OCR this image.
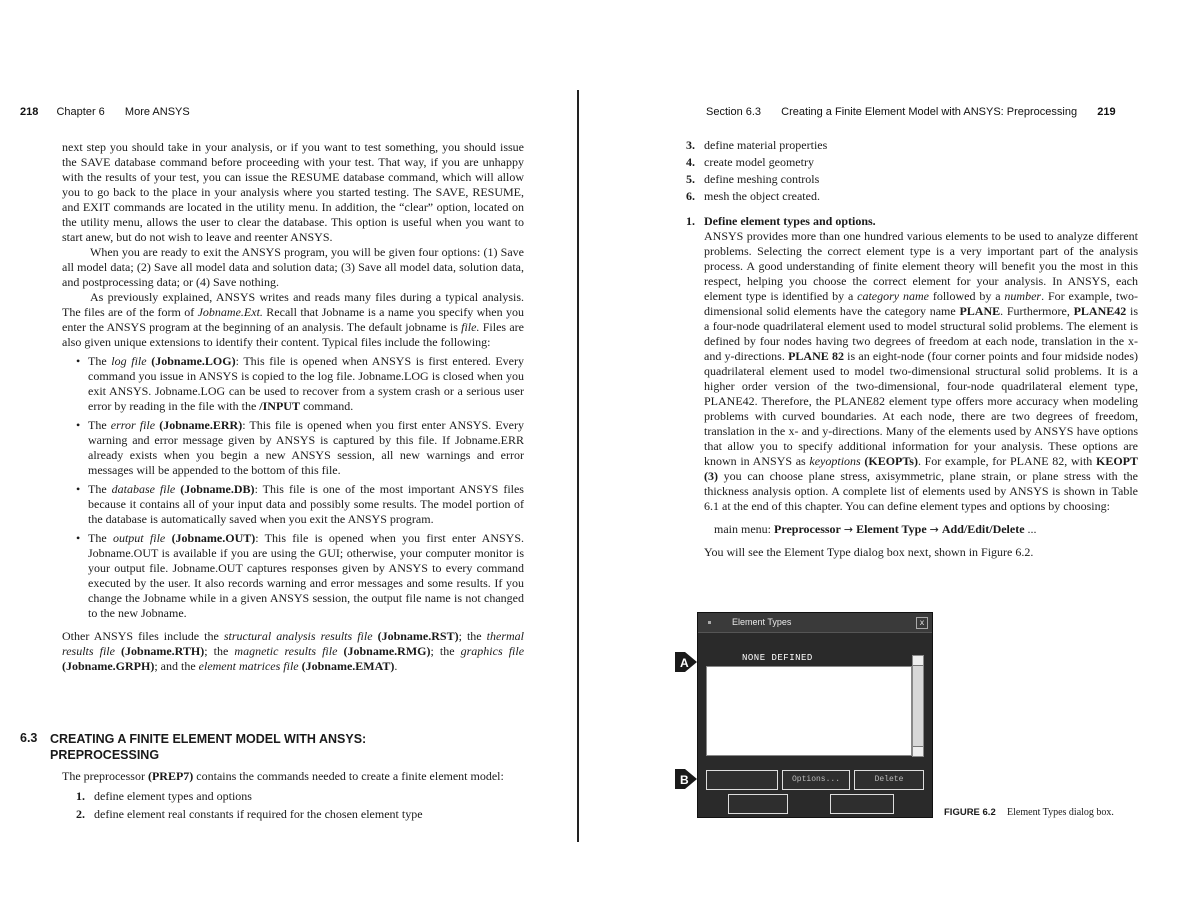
218 Chapter 6 More ANSYS

next step you should take in your analysis, or if you want to test something, you should issue the SAVE database command before proceeding with your test. That way, if you are unhappy with the results of your test, you can issue the RESUME database command, which will allow you to go back to the place in your analysis where you started testing. The SAVE, RESUME, and EXIT commands are located in the utility menu. In addition, the “clear” option, located on the utility menu, allows the user to clear the database. This option is useful when you want to start anew, but do not wish to leave and reenter ANSYS.

When you are ready to exit the ANSYS program, you will be given four options: (1) Save all model data; (2) Save all model data and solution data; (3) Save all model data, solution data, and postprocessing data; or (4) Save nothing.

As previously explained, ANSYS writes and reads many files during a typical analysis. The files are of the form of Jobname.Ext. Recall that Jobname is a name you specify when you enter the ANSYS program at the beginning of an analysis. The default jobname is file. Files are also given unique extensions to identify their content. Typical files include the following:

• The log file (Jobname.LOG): This file is opened when ANSYS is first entered. Every command you issue in ANSYS is copied to the log file. Jobname.LOG is closed when you exit ANSYS. Jobname.LOG can be used to recover from a system crash or a serious user error by reading in the file with the /INPUT command.
• The error file (Jobname.ERR): This file is opened when you first enter ANSYS. Every warning and error message given by ANSYS is captured by this file. If Jobname.ERR already exists when you begin a new ANSYS session, all new warnings and error messages will be appended to the bottom of this file.
• The database file (Jobname.DB): This file is one of the most important ANSYS files because it contains all of your input data and possibly some results. The model portion of the database is automatically saved when you exit the ANSYS program.
• The output file (Jobname.OUT): This file is opened when you first enter ANSYS. Jobname.OUT is available if you are using the GUI; otherwise, your computer monitor is your output file. Jobname.OUT captures responses given by ANSYS to every command executed by the user. It also records warning and error messages and some results. If you change the Jobname while in a given ANSYS session, the output file name is not changed to the new Jobname.

Other ANSYS files include the structural analysis results file (Jobname.RST); the thermal results file (Jobname.RTH); the magnetic results file (Jobname.RMG); the graphics file (Jobname.GRPH); and the element matrices file (Jobname.EMAT).

6.3 CREATING A FINITE ELEMENT MODEL WITH ANSYS:
PREPROCESSING

The preprocessor (PREP7) contains the commands needed to create a finite element model:

1. define element types and options
2. define element real constants if required for the chosen element type
Section 6.3 Creating a Finite Element Model with ANSYS: Preprocessing 219
3. define material properties
4. create model geometry
5. define meshing controls
6. mesh the object created.
1. Define element types and options.

ANSYS provides more than one hundred various elements to be used to analyze different problems. Selecting the correct element type is a very important part of the analysis process. A good understanding of finite element theory will benefit you the most in this respect, helping you choose the correct element for your analysis. In ANSYS, each element type is identified by a category name followed by a number. For example, two-dimensional solid elements have the category name PLANE. Furthermore, PLANE42 is a four-node quadrilateral element used to model structural solid problems. The element is defined by four nodes having two degrees of freedom at each node, translation in the x- and y-directions. PLANE 82 is an eight-node (four corner points and four midside nodes) quadrilateral element used to model two-dimensional structural solid problems. It is a higher order version of the two-dimensional, four-node quadrilateral element type, PLANE42. Therefore, the PLANE82 element type offers more accuracy when modeling problems with curved boundaries. At each node, there are two degrees of freedom, translation in the x- and y-directions. Many of the elements used by ANSYS have options that allow you to specify additional information for your analysis. These options are known in ANSYS as keyoptions (KEOPTs). For example, for PLANE 82, with KEOPT (3) you can choose plane stress, axisymmetric, plane strain, or plane stress with the thickness analysis option. A complete list of elements used by ANSYS is shown in Table 6.1 at the end of this chapter. You can define element types and options by choosing:

main menu: Preprocessor → Element Type → Add/Edit/Delete ...

You will see the Element Type dialog box next, shown in Figure 6.2.

A
B
Element Types	x
NONE DEFINED
Options...	Delete
FIGURE 6.2 Element Types dialog box.
